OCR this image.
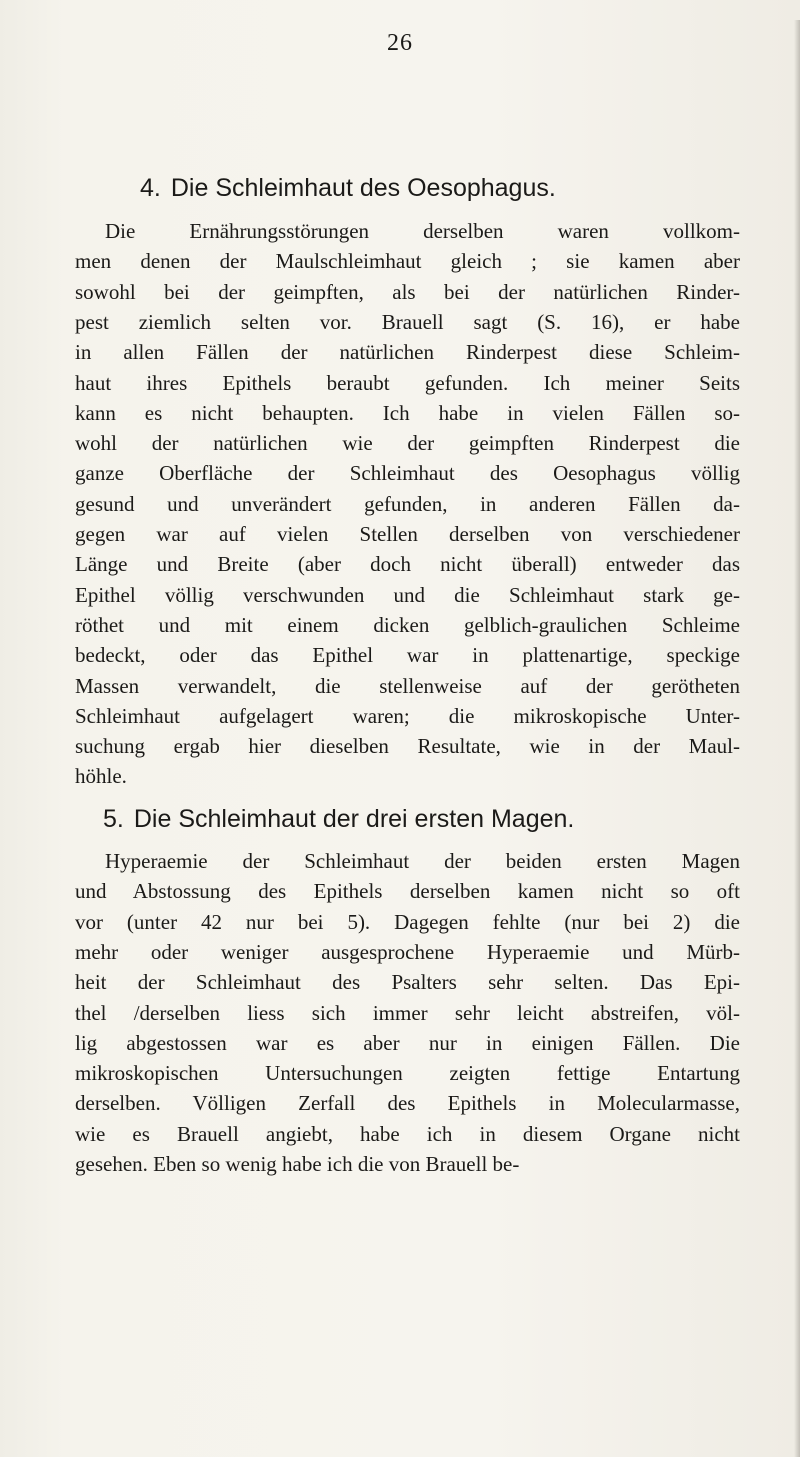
26
4. Die Schleimhaut des Oesophagus.
Die Ernährungsstörungen derselben waren vollkom-
men denen der Maulschleimhaut gleich ; sie kamen aber
sowohl bei der geimpften, als bei der natürlichen Rinder-
pest ziemlich selten vor. Brauell sagt (S. 16), er habe
in allen Fällen der natürlichen Rinderpest diese Schleim-
haut ihres Epithels beraubt gefunden. Ich meiner Seits
kann es nicht behaupten. Ich habe in vielen Fällen so-
wohl der natürlichen wie der geimpften Rinderpest die
ganze Oberfläche der Schleimhaut des Oesophagus völlig
gesund und unverändert gefunden, in anderen Fällen da-
gegen war auf vielen Stellen derselben von verschiedener
Länge und Breite (aber doch nicht überall) entweder das
Epithel völlig verschwunden und die Schleimhaut stark ge-
röthet und mit einem dicken gelblich-graulichen Schleime
bedeckt, oder das Epithel war in plattenartige, speckige
Massen verwandelt, die stellenweise auf der gerötheten
Schleimhaut aufgelagert waren; die mikroskopische Unter-
suchung ergab hier dieselben Resultate, wie in der Maul-
höhle.
5. Die Schleimhaut der drei ersten Magen.
Hyperaemie der Schleimhaut der beiden ersten Magen
und Abstossung des Epithels derselben kamen nicht so oft
vor (unter 42 nur bei 5). Dagegen fehlte (nur bei 2) die
mehr oder weniger ausgesprochene Hyperaemie und Mürb-
heit der Schleimhaut des Psalters sehr selten. Das Epi-
thel /derselben liess sich immer sehr leicht abstreifen, völ-
lig abgestossen war es aber nur in einigen Fällen. Die
mikroskopischen Untersuchungen zeigten fettige Entartung
derselben. Völligen Zerfall des Epithels in Molecularmasse,
wie es Brauell angiebt, habe ich in diesem Organe nicht
gesehen. Eben so wenig habe ich die von Brauell be-
